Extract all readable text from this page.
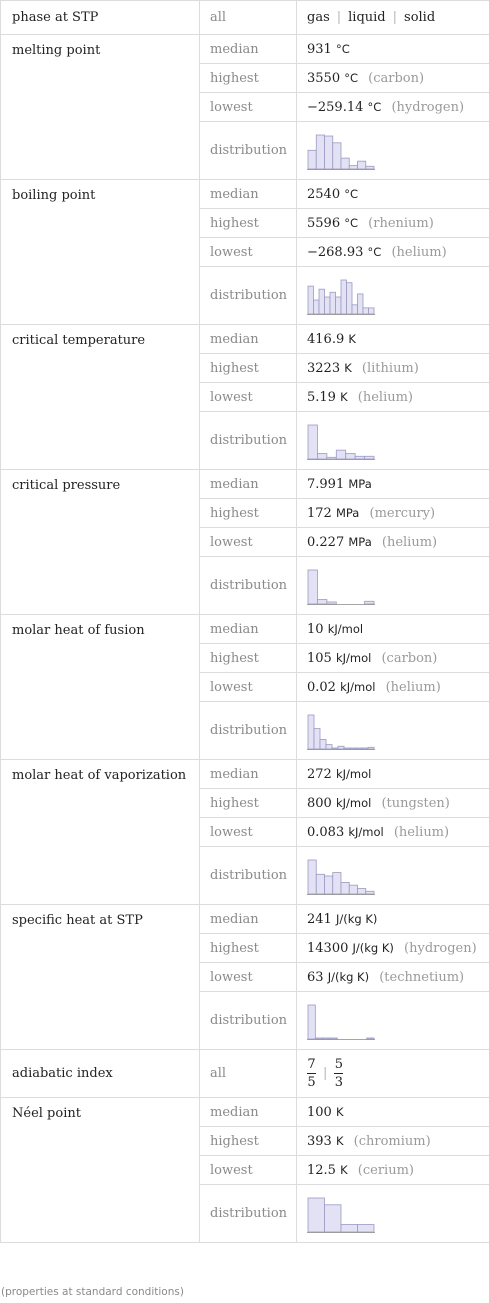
phase at STP	all	gas | liquid | solid
melting point	median	931 °C
	highest	3550 °C (carbon)
	lowest	−259.14 °C (hydrogen)
	distribution	

boiling point	median	2540 °C
	highest	5596 °C (rhenium)
	lowest	−268.93 °C (helium)
	distribution	

critical temperature	median	416.9 K
	highest	3223 K (lithium)
	lowest	5.19 K (helium)
	distribution	

critical pressure	median	7.991 MPa
	highest	172 MPa (mercury)
	lowest	0.227 MPa (helium)
	distribution	

molar heat of fusion	median	10 kJ/mol
	highest	105 kJ/mol (carbon)
	lowest	0.02 kJ/mol (helium)
	distribution	

molar heat of vaporization	median	272 kJ/mol
	highest	800 kJ/mol (tungsten)
	lowest	0.083 kJ/mol (helium)
	distribution	

specific heat at STP	median	241 J/(kg K)
	highest	14300 J/(kg K) (hydrogen)
	lowest	63 J/(kg K) (technetium)
	distribution	

adiabatic index	all	$\frac{7}{5}$ | $\frac{5}{3}$

Néel point	median	100 K
	highest	393 K (chromium)
	lowest	12.5 K (cerium)
	distribution	
(properties at standard conditions)
